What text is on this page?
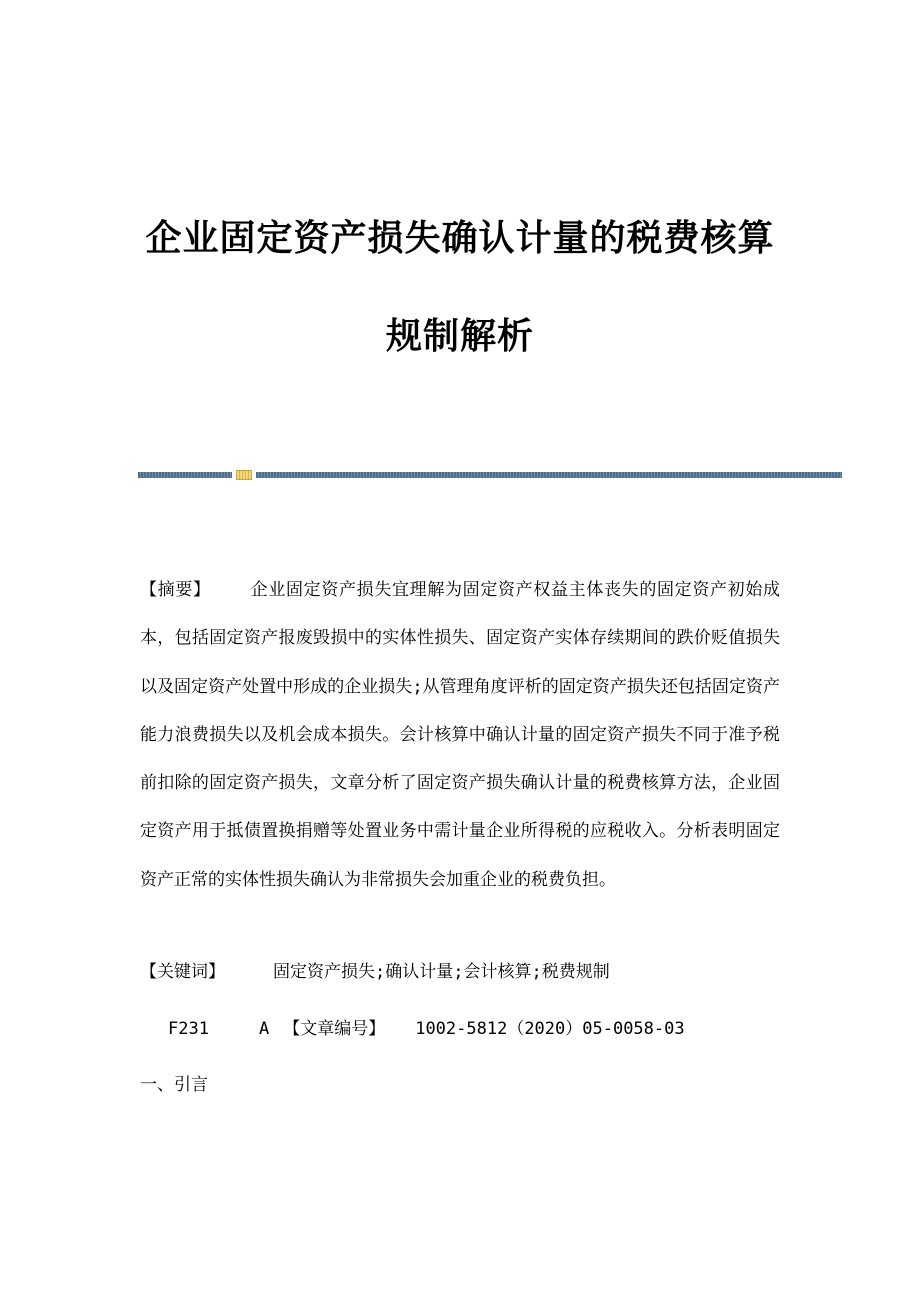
企业固定资产损失确认计量的税费核算
规制解析
【摘要】 企业固定资产损失宜理解为固定资产权益主体丧失的固定资产初始成本，包括固定资产报废毁损中的实体性损失、固定资产实体存续期间的跌价贬值损失以及固定资产处置中形成的企业损失;从管理角度评析的固定资产损失还包括固定资产能力浪费损失以及机会成本损失。会计核算中确认计量的固定资产损失不同于准予税前扣除的固定资产损失，文章分析了固定资产损失确认计量的税费核算方法，企业固定资产用于抵债置换捐赠等处置业务中需计量企业所得税的应税收入。分析表明固定资产正常的实体性损失确认为非常损失会加重企业的税费负担。
【关键词】	固定资产损失;确认计量;会计核算;税费规制
F231	A 【文章编号】 1002-5812（2020）05-0058-03
一、引言
